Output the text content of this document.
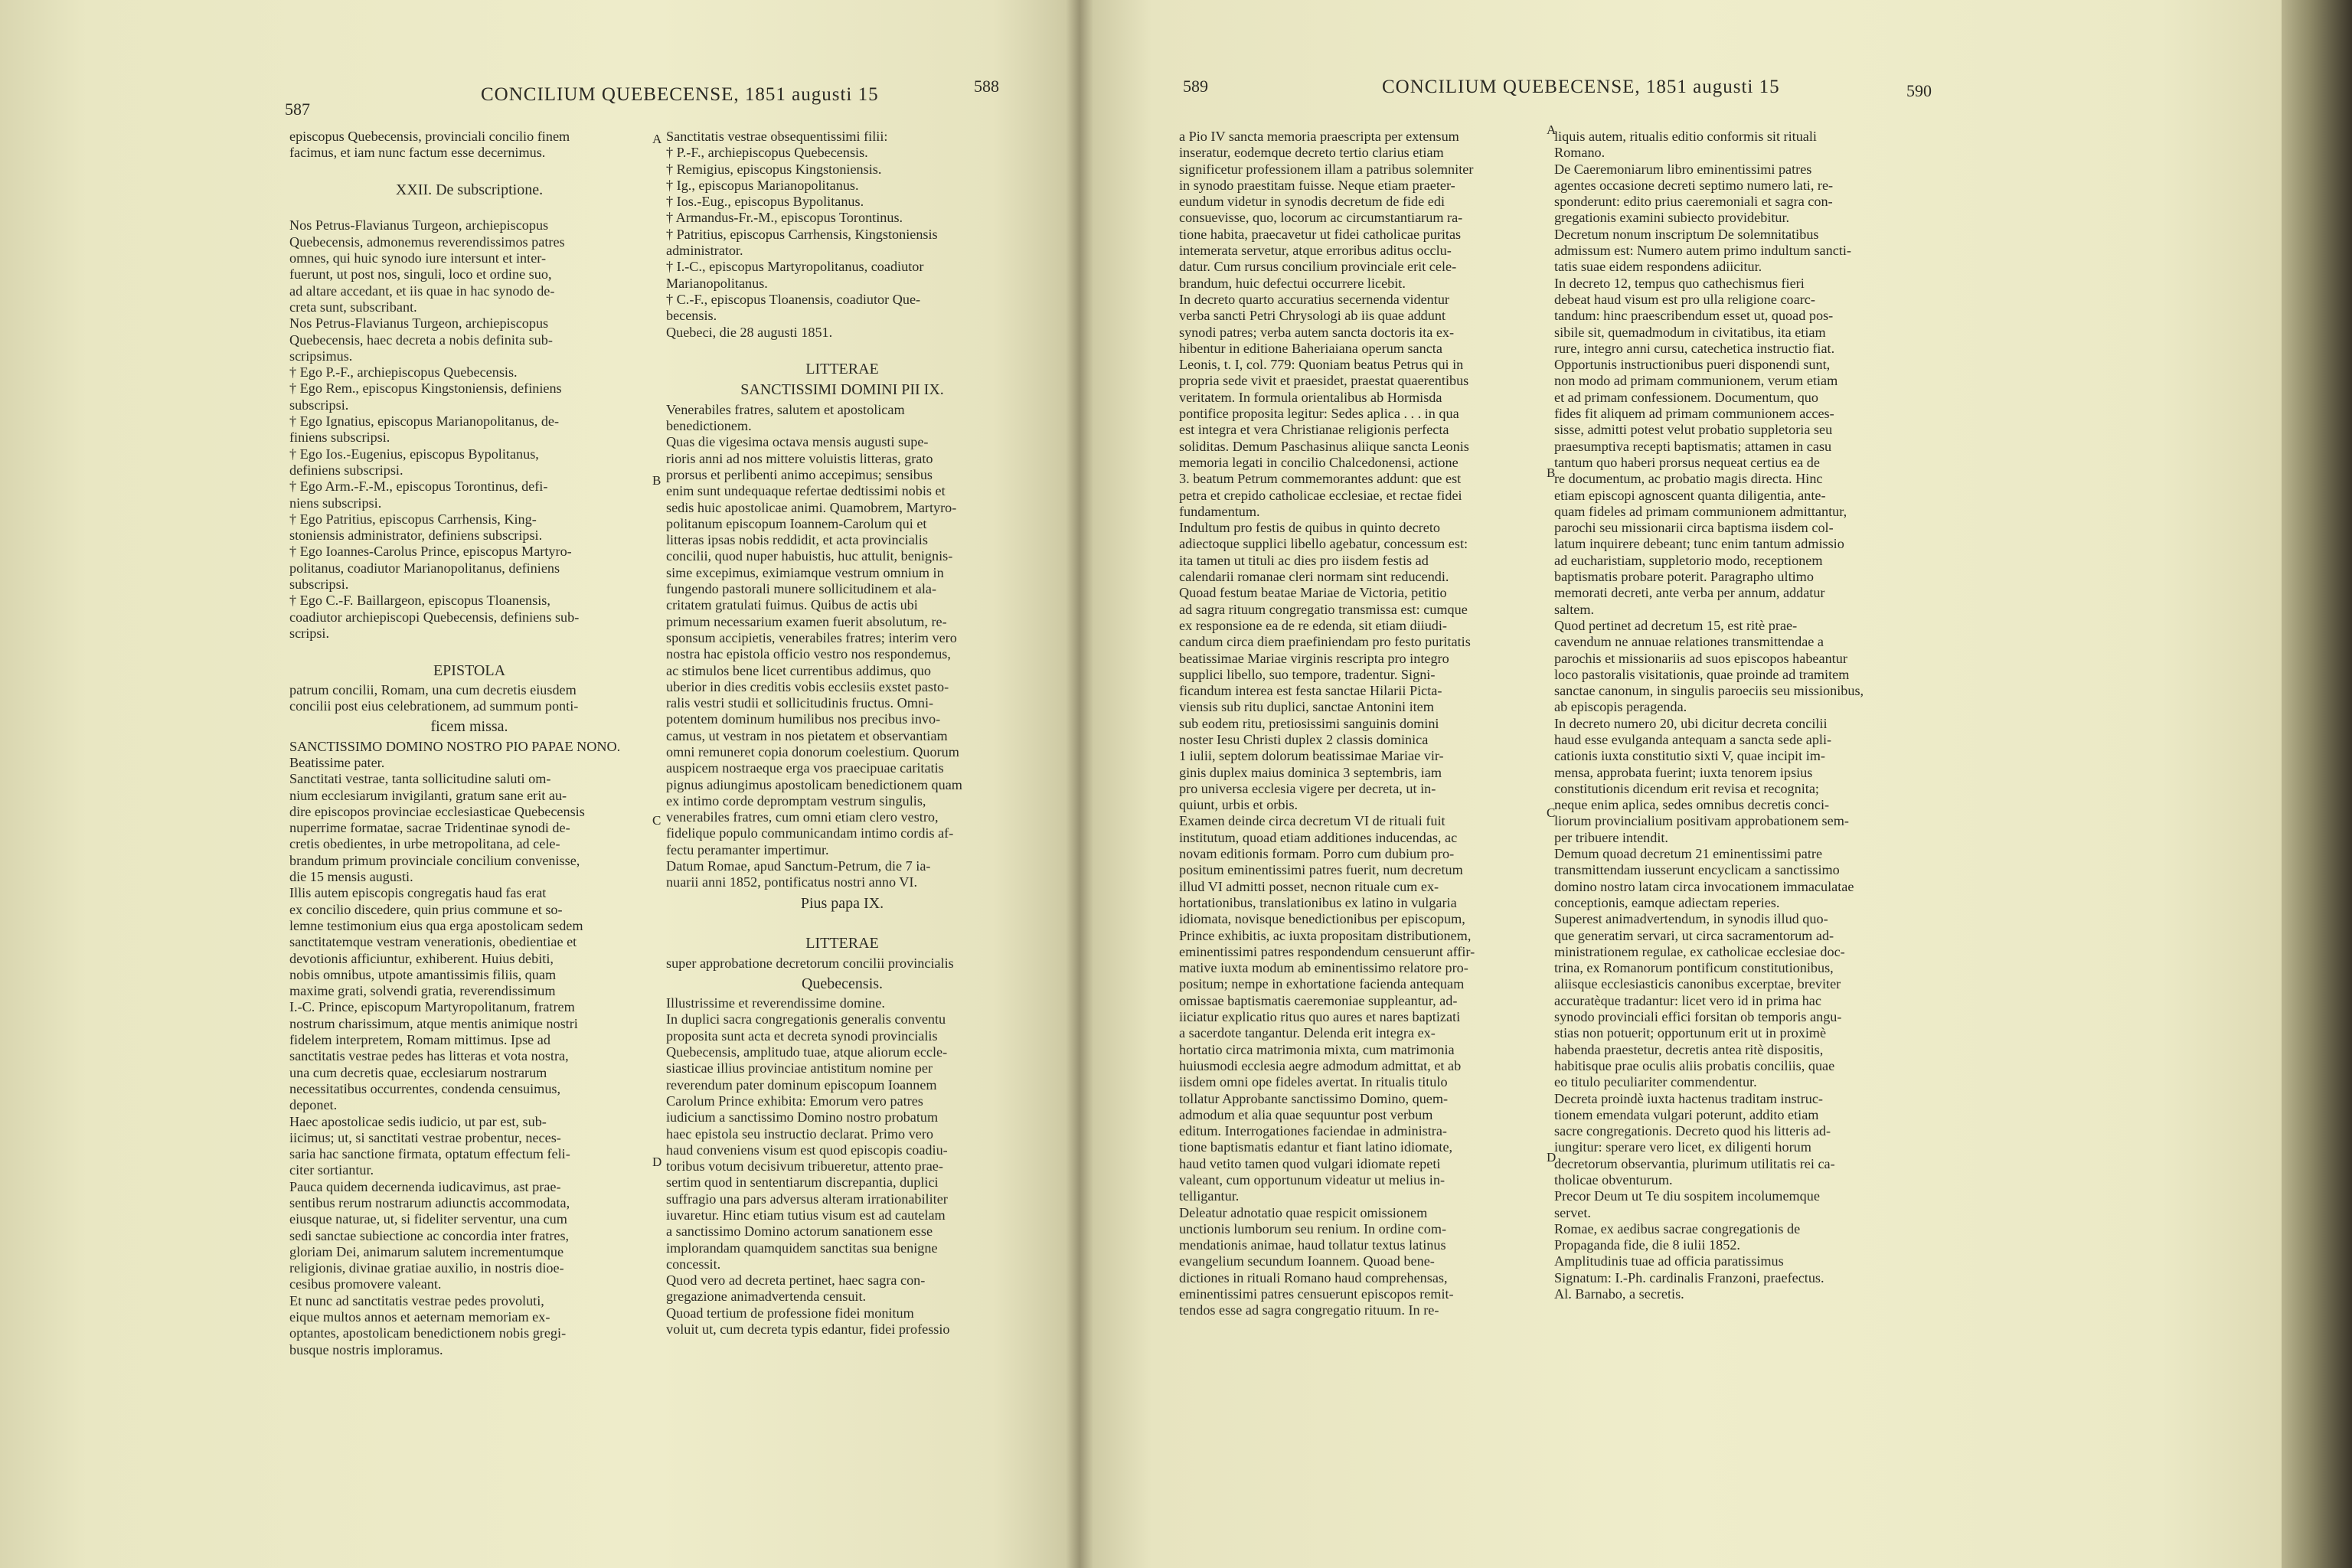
587
CONCILIUM QUEBECENSE, 1851 augusti 15	588	589	CONCILIUM QUEBECENSE, 1851 augusti 15	590
A
B
C
D
A
B
C
D

episcopus Quebecensis, provinciali concilio finem

facimus, et iam nunc factum esse decernimus.

XXII. De subscriptione.

Nos Petrus-Flavianus Turgeon, archiepiscopus

Quebecensis, admonemus reverendissimos patres

omnes, qui huic synodo iure intersunt et inter-

fuerunt, ut post nos, singuli, loco et ordine suo,

ad altare accedant, et iis quae in hac synodo de-

creta sunt, subscribant.

Nos Petrus-Flavianus Turgeon, archiepiscopus

Quebecensis, haec decreta a nobis definita sub-

scripsimus.

† Ego P.-F., archiepiscopus Quebecensis.

† Ego Rem., episcopus Kingstoniensis, definiens

subscripsi.

† Ego Ignatius, episcopus Marianopolitanus, de-

finiens subscripsi.

† Ego Ios.-Eugenius, episcopus Bypolitanus,

definiens subscripsi.

† Ego Arm.-F.-M., episcopus Torontinus, defi-

niens subscripsi.

† Ego Patritius, episcopus Carrhensis, King-

stoniensis administrator, definiens subscripsi.

† Ego Ioannes-Carolus Prince, episcopus Martyro-

politanus, coadiutor Marianopolitanus, definiens

subscripsi.

† Ego C.-F. Baillargeon, episcopus Tloanensis,

coadiutor archiepiscopi Quebecensis, definiens sub-

scripsi.

EPISTOLA

patrum concilii, Romam, una cum decretis eiusdem

concilii post eius celebrationem, ad summum ponti-

ficem missa.

SANCTISSIMO DOMINO NOSTRO PIO PAPAE NONO.

Beatissime pater.

Sanctitati vestrae, tanta sollicitudine saluti om-

nium ecclesiarum invigilanti, gratum sane erit au-

dire episcopos provinciae ecclesiasticae Quebecensis

nuperrime formatae, sacrae Tridentinae synodi de-

cretis obedientes, in urbe metropolitana, ad cele-

brandum primum provinciale concilium convenisse,

die 15 mensis augusti.

Illis autem episcopis congregatis haud fas erat

ex concilio discedere, quin prius commune et so-

lemne testimonium eius qua erga apostolicam sedem

sanctitatemque vestram venerationis, obedientiae et

devotionis afficiuntur, exhiberent. Huius debiti,

nobis omnibus, utpote amantissimis filiis, quam

maxime grati, solvendi gratia, reverendissimum

I.-C. Prince, episcopum Martyropolitanum, fratrem

nostrum charissimum, atque mentis animique nostri

fidelem interpretem, Romam mittimus. Ipse ad

sanctitatis vestrae pedes has litteras et vota nostra,

una cum decretis quae, ecclesiarum nostrarum

necessitatibus occurrentes, condenda censuimus,

deponet.

Haec apostolicae sedis iudicio, ut par est, sub-

iicimus; ut, si sanctitati vestrae probentur, neces-

saria hac sanctione firmata, optatum effectum feli-

citer sortiantur.

Pauca quidem decernenda iudicavimus, ast prae-

sentibus rerum nostrarum adiunctis accommodata,

eiusque naturae, ut, si fideliter serventur, una cum

sedi sanctae subiectione ac concordia inter fratres,

gloriam Dei, animarum salutem incrementumque

religionis, divinae gratiae auxilio, in nostris dioe-

cesibus promovere valeant.

Et nunc ad sanctitatis vestrae pedes provoluti,

eique multos annos et aeternam memoriam ex-

optantes, apostolicam benedictionem nobis gregi-

busque nostris imploramus.

Sanctitatis vestrae obsequentissimi filii:

† P.-F., archiepiscopus Quebecensis.

† Remigius, episcopus Kingstoniensis.

† Ig., episcopus Marianopolitanus.

† Ios.-Eug., episcopus Bypolitanus.

† Armandus-Fr.-M., episcopus Torontinus.

† Patritius, episcopus Carrhensis, Kingstoniensis

administrator.

† I.-C., episcopus Martyropolitanus, coadiutor

Marianopolitanus.

† C.-F., episcopus Tloanensis, coadiutor Que-

becensis.

Quebeci, die 28 augusti 1851.

LITTERAE

SANCTISSIMI DOMINI PII IX.

Venerabiles fratres, salutem et apostolicam

benedictionem.

Quas die vigesima octava mensis augusti supe-

rioris anni ad nos mittere voluistis litteras, grato

prorsus et perlibenti animo accepimus; sensibus

enim sunt undequaque refertae dedtissimi nobis et

sedis huic apostolicae animi. Quamobrem, Martyro-

politanum episcopum Ioannem-Carolum qui et

litteras ipsas nobis reddidit, et acta provincialis

concilii, quod nuper habuistis, huc attulit, benignis-

sime excepimus, eximiamque vestrum omnium in

fungendo pastorali munere sollicitudinem et ala-

critatem gratulati fuimus. Quibus de actis ubi

primum necessarium examen fuerit absolutum, re-

sponsum accipietis, venerabiles fratres; interim vero

nostra hac epistola officio vestro nos respondemus,

ac stimulos bene licet currentibus addimus, quo

uberior in dies creditis vobis ecclesiis exstet pasto-

ralis vestri studii et sollicitudinis fructus. Omni-

potentem dominum humilibus nos precibus invo-

camus, ut vestram in nos pietatem et observantiam

omni remuneret copia donorum coelestium. Quorum

auspicem nostraeque erga vos praecipuae caritatis

pignus adiungimus apostolicam benedictionem quam

ex intimo corde depromptam vestrum singulis,

venerabiles fratres, cum omni etiam clero vestro,

fidelique populo communicandam intimo cordis af-

fectu peramanter impertimur.

Datum Romae, apud Sanctum-Petrum, die 7 ia-

nuarii anni 1852, pontificatus nostri anno VI.

Pius papa IX.

LITTERAE

super approbatione decretorum concilii provincialis

Quebecensis.

Illustrissime et reverendissime domine.

In duplici sacra congregationis generalis conventu

proposita sunt acta et decreta synodi provincialis

Quebecensis, amplitudo tuae, atque aliorum eccle-

siasticae illius provinciae antistitum nomine per

reverendum pater dominum episcopum Ioannem

Carolum Prince exhibita: Emorum vero patres

iudicium a sanctissimo Domino nostro probatum

haec epistola seu instructio declarat. Primo vero

haud conveniens visum est quod episcopis coadiu-

toribus votum decisivum tribueretur, attento prae-

sertim quod in sententiarum discrepantia, duplici

suffragio una pars adversus alteram irrationabiliter

iuvaretur. Hinc etiam tutius visum est ad cautelam

a sanctissimo Domino actorum sanationem esse

implorandam quamquidem sanctitas sua benigne

concessit.

Quod vero ad decreta pertinet, haec sagra con-

gregazione animadvertenda censuit.

Quoad tertium de professione fidei monitum

voluit ut, cum decreta typis edantur, fidei professio

a Pio IV sancta memoria praescripta per extensum

inseratur, eodemque decreto tertio clarius etiam

significetur professionem illam a patribus solemniter

in synodo praestitam fuisse. Neque etiam praeter-

eundum videtur in synodis decretum de fide edi

consuevisse, quo, locorum ac circumstantiarum ra-

tione habita, praecavetur ut fidei catholicae puritas

intemerata servetur, atque erroribus aditus occlu-

datur. Cum rursus concilium provinciale erit cele-

brandum, huic defectui occurrere licebit.

In decreto quarto accuratius secernenda videntur

verba sancti Petri Chrysologi ab iis quae addunt

synodi patres; verba autem sancta doctoris ita ex-

hibentur in editione Baheriaiana operum sancta

Leonis, t. I, col. 779: Quoniam beatus Petrus qui in

propria sede vivit et praesidet, praestat quaerentibus

veritatem. In formula orientalibus ab Hormisda

pontifice proposita legitur: Sedes aplica . . . in qua

est integra et vera Christianae religionis perfecta

soliditas. Demum Paschasinus aliique sancta Leonis

memoria legati in concilio Chalcedonensi, actione

3. beatum Petrum commemorantes addunt: que est

petra et crepido catholicae ecclesiae, et rectae fidei

fundamentum.

Indultum pro festis de quibus in quinto decreto

adiectoque supplici libello agebatur, concessum est:

ita tamen ut tituli ac dies pro iisdem festis ad

calendarii romanae cleri normam sint reducendi.

Quoad festum beatae Mariae de Victoria, petitio

ad sagra rituum congregatio transmissa est: cumque

ex responsione ea de re edenda, sit etiam diiudi-

candum circa diem praefiniendam pro festo puritatis

beatissimae Mariae virginis rescripta pro integro

supplici libello, suo tempore, tradentur. Signi-

ficandum interea est festa sanctae Hilarii Picta-

viensis sub ritu duplici, sanctae Antonini item

sub eodem ritu, pretiosissimi sanguinis domini

noster Iesu Christi duplex 2 classis dominica

1 iulii, septem dolorum beatissimae Mariae vir-

ginis duplex maius dominica 3 septembris, iam

pro universa ecclesia vigere per decreta, ut in-

quiunt, urbis et orbis.

Examen deinde circa decretum VI de rituali fuit

institutum, quoad etiam additiones inducendas, ac

novam editionis formam. Porro cum dubium pro-

positum eminentissimi patres fuerit, num decretum

illud VI admitti posset, necnon rituale cum ex-

hortationibus, translationibus ex latino in vulgaria

idiomata, novisque benedictionibus per episcopum,

Prince exhibitis, ac iuxta propositam distributionem,

eminentissimi patres respondendum censuerunt affir-

mative iuxta modum ab eminentissimo relatore pro-

positum; nempe in exhortatione facienda antequam

omissae baptismatis caeremoniae suppleantur, ad-

iiciatur explicatio ritus quo aures et nares baptizati

a sacerdote tangantur. Delenda erit integra ex-

hortatio circa matrimonia mixta, cum matrimonia

huiusmodi ecclesia aegre admodum admittat, et ab

iisdem omni ope fideles avertat. In ritualis titulo

tollatur Approbante sanctissimo Domino, quem-

admodum et alia quae sequuntur post verbum

editum. Interrogationes faciendae in administra-

tione baptismatis edantur et fiant latino idiomate,

haud vetito tamen quod vulgari idiomate repeti

valeant, cum opportunum videatur ut melius in-

telligantur.

Deleatur adnotatio quae respicit omissionem

unctionis lumborum seu renium. In ordine com-

mendationis animae, haud tollatur textus latinus

evangelium secundum Ioannem. Quoad bene-

dictiones in rituali Romano haud comprehensas,

eminentissimi patres censuerunt episcopos remit-

tendos esse ad sagra congregatio rituum. In re-

liquis autem, ritualis editio conformis sit rituali

Romano.

De Caeremoniarum libro eminentissimi patres

agentes occasione decreti septimo numero lati, re-

sponderunt: edito prius caeremoniali et sagra con-

gregationis examini subiecto providebitur.

Decretum nonum inscriptum De solemnitatibus

admissum est: Numero autem primo indultum sancti-

tatis suae eidem respondens adiicitur.

In decreto 12, tempus quo cathechismus fieri

debeat haud visum est pro ulla religione coarc-

tandum: hinc praescribendum esset ut, quoad pos-

sibile sit, quemadmodum in civitatibus, ita etiam

rure, integro anni cursu, catechetica instructio fiat.

Opportunis instructionibus pueri disponendi sunt,

non modo ad primam communionem, verum etiam

et ad primam confessionem. Documentum, quo

fides fit aliquem ad primam communionem acces-

sisse, admitti potest velut probatio suppletoria seu

praesumptiva recepti baptismatis; attamen in casu

tantum quo haberi prorsus nequeat certius ea de

re documentum, ac probatio magis directa. Hinc

etiam episcopi agnoscent quanta diligentia, ante-

quam fideles ad primam communionem admittantur,

parochi seu missionarii circa baptisma iisdem col-

latum inquirere debeant; tunc enim tantum admissio

ad eucharistiam, suppletorio modo, receptionem

baptismatis probare poterit. Paragrapho ultimo

memorati decreti, ante verba per annum, addatur

saltem.

Quod pertinet ad decretum 15, est ritè prae-

cavendum ne annuae relationes transmittendae a

parochis et missionariis ad suos episcopos habeantur

loco pastoralis visitationis, quae proinde ad tramitem

sanctae canonum, in singulis paroeciis seu missionibus,

ab episcopis peragenda.

In decreto numero 20, ubi dicitur decreta concilii

haud esse evulganda antequam a sancta sede apli-

cationis iuxta constitutio sixti V, quae incipit im-

mensa, approbata fuerint; iuxta tenorem ipsius

constitutionis dicendum erit revisa et recognita;

neque enim aplica, sedes omnibus decretis conci-

liorum provincialium positivam approbationem sem-

per tribuere intendit.

Demum quoad decretum 21 eminentissimi patre

transmittendam iusserunt encyclicam a sanctissimo

domino nostro latam circa invocationem immaculatae

conceptionis, eamque adiectam reperies.

Superest animadvertendum, in synodis illud quo-

que generatim servari, ut circa sacramentorum ad-

ministrationem regulae, ex catholicae ecclesiae doc-

trina, ex Romanorum pontificum constitutionibus,

aliisque ecclesiasticis canonibus excerptae, breviter

accuratèque tradantur: licet vero id in prima hac

synodo provinciali effici forsitan ob temporis angu-

stias non potuerit; opportunum erit ut in proximè

habenda praestetur, decretis antea ritè dispositis,

habitisque prae oculis aliis probatis conciliis, quae

eo titulo peculiariter commendentur.

Decreta proindè iuxta hactenus traditam instruc-

tionem emendata vulgari poterunt, addito etiam

sacre congregationis. Decreto quod his litteris ad-

iungitur: sperare vero licet, ex diligenti horum

decretorum observantia, plurimum utilitatis rei ca-

tholicae obventurum.

Precor Deum ut Te diu sospitem incolumemque

servet.

Romae, ex aedibus sacrae congregationis de

Propaganda fide, die 8 iulii 1852.

Amplitudinis tuae ad officia paratissimus

Signatum: I.-Ph. cardinalis Franzoni, praefectus.

Al. Barnabo, a secretis.
